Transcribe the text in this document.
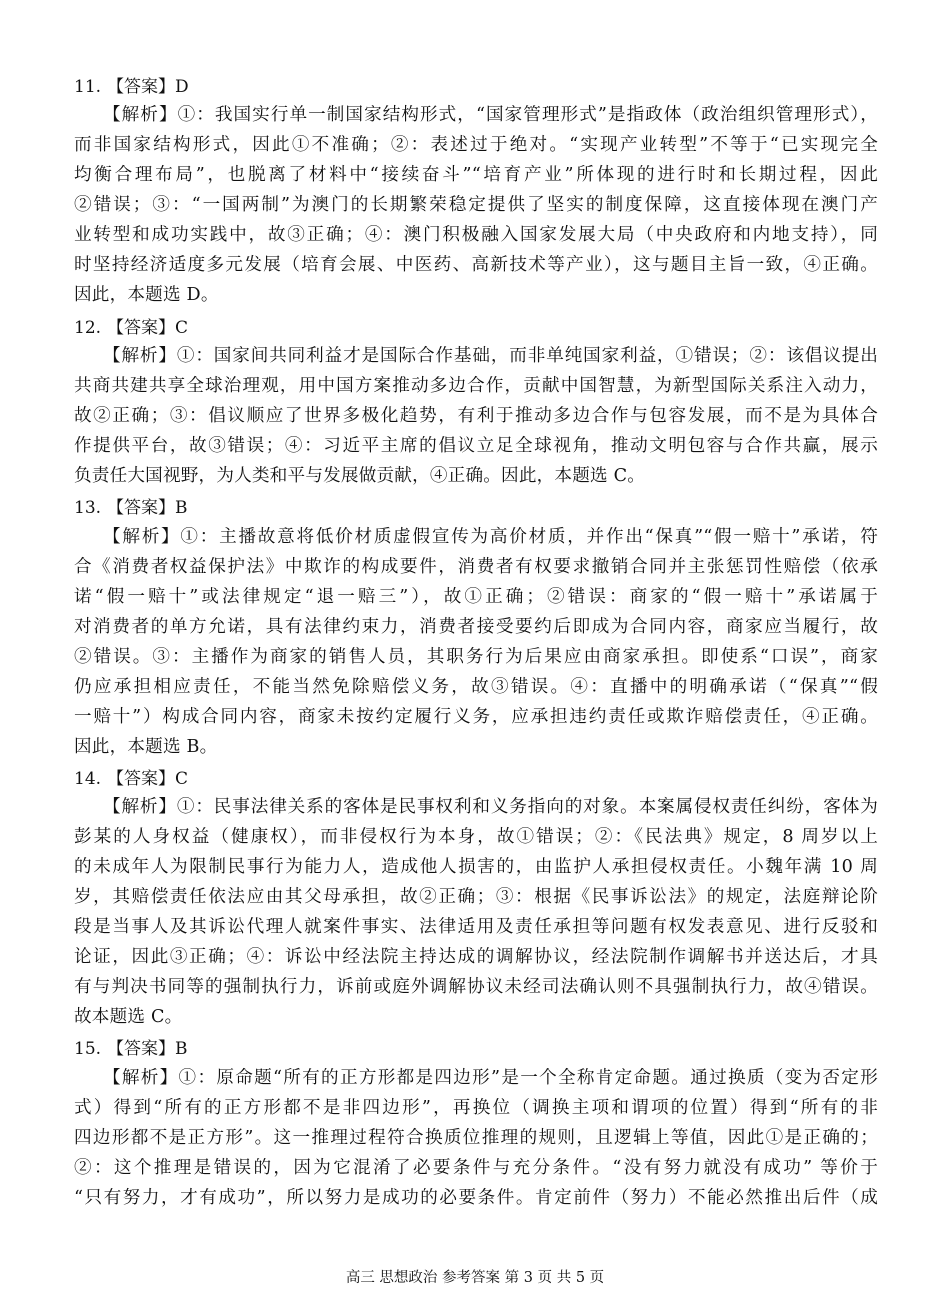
11. 【答案】D
【解析】①：我国实行单一制国家结构形式，“国家管理形式”是指政体（政治组织管理形式），
而非国家结构形式，因此①不准确；②：表述过于绝对。“实现产业转型”不等于“已实现完全
均衡合理布局”，也脱离了材料中“接续奋斗”“培育产业”所体现的进行时和长期过程，因此
②错误；③：“一国两制”为澳门的长期繁荣稳定提供了坚实的制度保障，这直接体现在澳门产
业转型和成功实践中，故③正确；④：澳门积极融入国家发展大局（中央政府和内地支持），同
时坚持经济适度多元发展（培育会展、中医药、高新技术等产业），这与题目主旨一致，④正确。
因此，本题选 D。
12. 【答案】C
【解析】①：国家间共同利益才是国际合作基础，而非单纯国家利益，①错误；②：该倡议提出
共商共建共享全球治理观，用中国方案推动多边合作，贡献中国智慧，为新型国际关系注入动力，
故②正确；③：倡议顺应了世界多极化趋势，有利于推动多边合作与包容发展，而不是为具体合
作提供平台，故③错误；④：习近平主席的倡议立足全球视角，推动文明包容与合作共赢，展示
负责任大国视野，为人类和平与发展做贡献，④正确。因此，本题选 C。
13. 【答案】B
【解析】①：主播故意将低价材质虚假宣传为高价材质，并作出“保真”“假一赔十”承诺，符
合《消费者权益保护法》中欺诈的构成要件，消费者有权要求撤销合同并主张惩罚性赔偿（依承
诺“假一赔十”或法律规定“退一赔三”），故①正确；②错误：商家的“假一赔十”承诺属于
对消费者的单方允诺，具有法律约束力，消费者接受要约后即成为合同内容，商家应当履行，故
②错误。③：主播作为商家的销售人员，其职务行为后果应由商家承担。即使系“口误”，商家
仍应承担相应责任，不能当然免除赔偿义务，故③错误。④：直播中的明确承诺（“保真”“假
一赔十”）构成合同内容，商家未按约定履行义务，应承担违约责任或欺诈赔偿责任，④正确。
因此，本题选 B。
14. 【答案】C
【解析】①：民事法律关系的客体是民事权利和义务指向的对象。本案属侵权责任纠纷，客体为
彭某的人身权益（健康权），而非侵权行为本身，故①错误；②：《民法典》规定，8 周岁以上
的未成年人为限制民事行为能力人，造成他人损害的，由监护人承担侵权责任。小魏年满 10 周
岁，其赔偿责任依法应由其父母承担，故②正确；③：根据《民事诉讼法》的规定，法庭辩论阶
段是当事人及其诉讼代理人就案件事实、法律适用及责任承担等问题有权发表意见、进行反驳和
论证，因此③正确；④：诉讼中经法院主持达成的调解协议，经法院制作调解书并送达后，才具
有与判决书同等的强制执行力，诉前或庭外调解协议未经司法确认则不具强制执行力，故④错误。
故本题选 C。
15. 【答案】B
【解析】①：原命题“所有的正方形都是四边形”是一个全称肯定命题。通过换质（变为否定形
式）得到“所有的正方形都不是非四边形”，再换位（调换主项和谓项的位置）得到“所有的非
四边形都不是正方形”。这一推理过程符合换质位推理的规则，且逻辑上等值，因此①是正确的；
②：这个推理是错误的，因为它混淆了必要条件与充分条件。“没有努力就没有成功” 等价于
“只有努力，才有成功”，所以努力是成功的必要条件。肯定前件（努力）不能必然推出后件（成
高三 思想政治 参考答案 第 3 页 共 5 页
